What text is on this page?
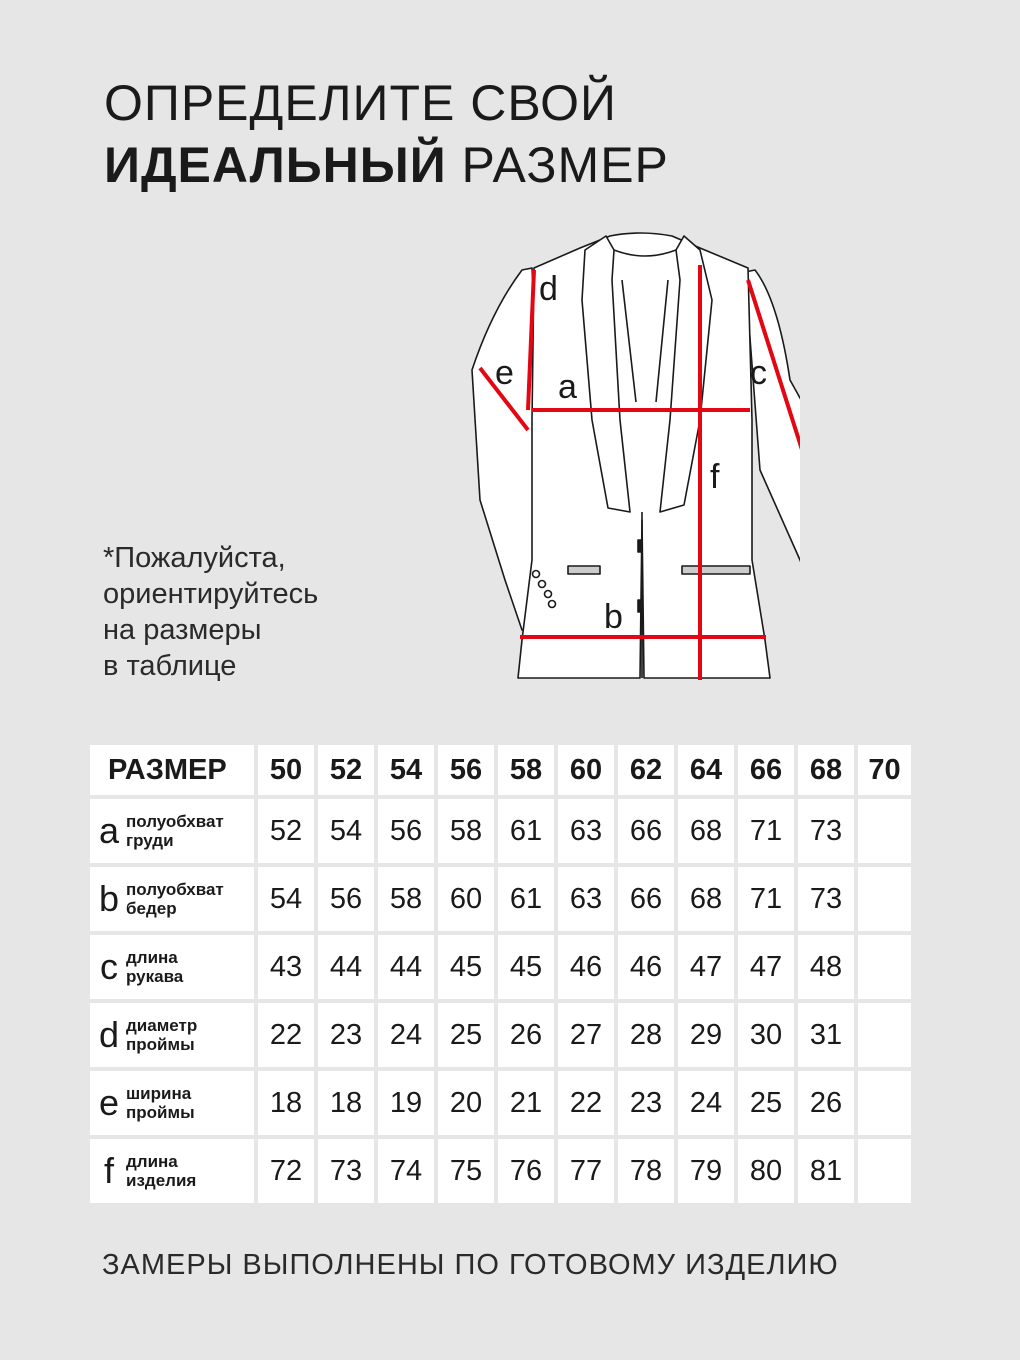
ОПРЕДЕЛИТЕ СВОЙ
ИДЕАЛЬНЫЙ РАЗМЕР
*Пожалуйста,
ориентируйтесь
на размеры
в таблице
d
e a	c
f
b
РАЗМЕР	50	52	54	56	58	60	62	64	66	68	70

a полуобхват
груди	52	54	56	58	61	63	66	68	71	73	

b полуобхват
бедер	54	56	58	60	61	63	66	68	71	73	

c длина
рукава	43	44	44	45	45	46	46	47	47	48	

d диаметр
проймы	22	23	24	25	26	27	28	29	30	31	

e ширина
проймы	18	18	19	20	21	22	23	24	25	26	

f длина
изделия	72	73	74	75	76	77	78	79	80	81	
ЗАМЕРЫ ВЫПОЛНЕНЫ ПО ГОТОВОМУ ИЗДЕЛИЮ
